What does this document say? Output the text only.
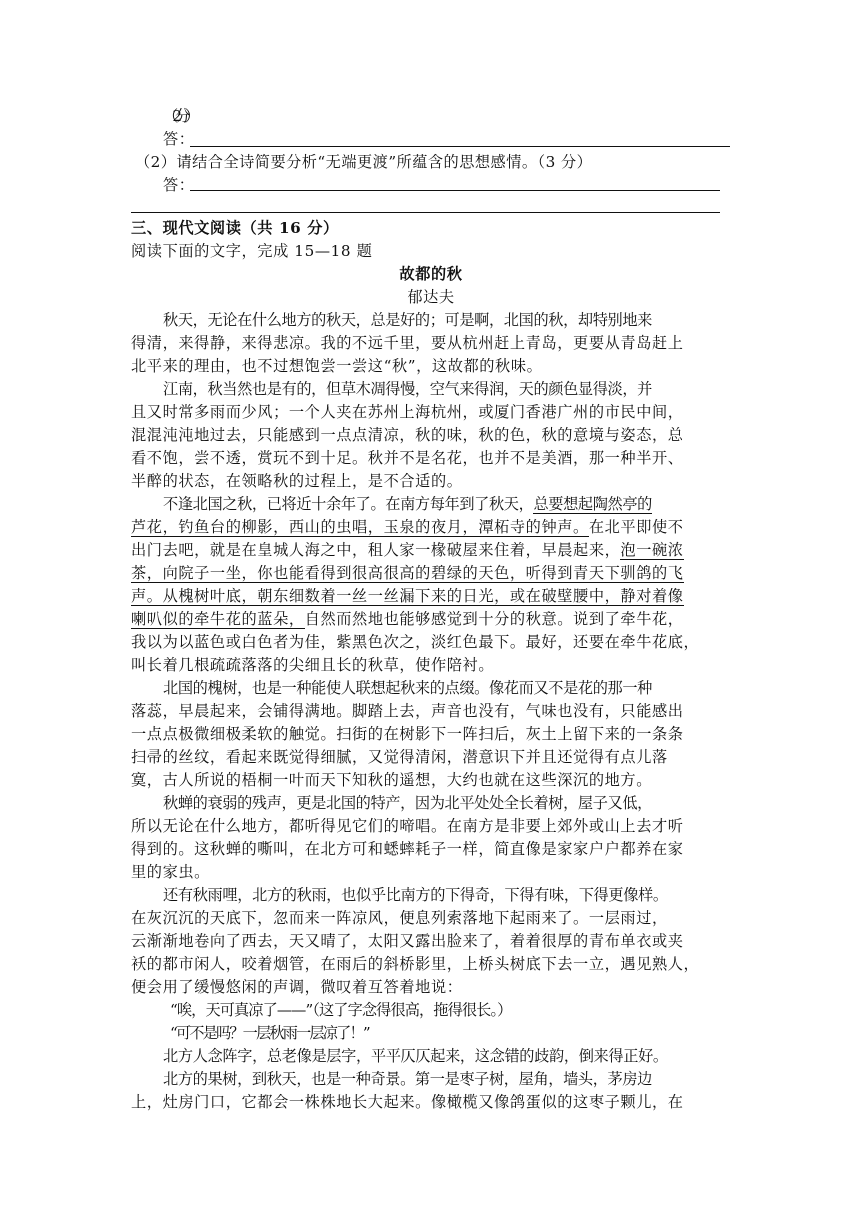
（2 分）
答：
（2）请结合全诗简要分析“无端更渡”所蕴含的思想感情。（3 分）
答：
三、现代文阅读（共 16 分）
阅读下面的文字，完成 15—18 题
故都的秋
郁达夫
秋天，无论在什么地方的秋天，总是好的；可是啊，北国的秋，却特别地来
得清，来得静，来得悲凉。我的不远千里，要从杭州赶上青岛，更要从青岛赶上
北平来的理由，也不过想饱尝一尝这“秋”，这故都的秋味。
江南，秋当然也是有的，但草木凋得慢，空气来得润，天的颜色显得淡，并
且又时常多雨而少风；一个人夹在苏州上海杭州，或厦门香港广州的市民中间，
混混沌沌地过去，只能感到一点点清凉，秋的味，秋的色，秋的意境与姿态，总
看不饱，尝不透，赏玩不到十足。秋并不是名花，也并不是美酒，那一种半开、
半醉的状态，在领略秋的过程上，是不合适的。
不逢北国之秋，已将近十余年了。在南方每年到了秋天，总要想起陶然亭的
芦花，钓鱼台的柳影，西山的虫唱，玉泉的夜月，潭柘寺的钟声。在北平即使不
出门去吧，就是在皇城人海之中，租人家一椽破屋来住着，早晨起来，泡一碗浓
茶，向院子一坐，你也能看得到很高很高的碧绿的天色，听得到青天下驯鸽的飞
声。从槐树叶底，朝东细数着一丝一丝漏下来的日光，或在破壁腰中，静对着像
喇叭似的牵牛花的蓝朵，自然而然地也能够感觉到十分的秋意。说到了牵牛花，
我以为以蓝色或白色者为佳，紫黑色次之，淡红色最下。最好，还要在牵牛花底，
叫长着几根疏疏落落的尖细且长的秋草，使作陪衬。
北国的槐树，也是一种能使人联想起秋来的点缀。像花而又不是花的那一种
落蕊，早晨起来，会铺得满地。脚踏上去，声音也没有，气味也没有，只能感出
一点点极微细极柔软的触觉。扫街的在树影下一阵扫后，灰土上留下来的一条条
扫帚的丝纹，看起来既觉得细腻，又觉得清闲，潜意识下并且还觉得有点儿落
寞，古人所说的梧桐一叶而天下知秋的遥想，大约也就在这些深沉的地方。
秋蝉的衰弱的残声，更是北国的特产，因为北平处处全长着树，屋子又低，
所以无论在什么地方，都听得见它们的啼唱。在南方是非要上郊外或山上去才听
得到的。这秋蝉的嘶叫，在北方可和蟋蟀耗子一样，简直像是家家户户都养在家
里的家虫。
还有秋雨哩，北方的秋雨，也似乎比南方的下得奇，下得有味，下得更像样。
在灰沉沉的天底下，忽而来一阵凉风，便息列索落地下起雨来了。一层雨过，
云渐渐地卷向了西去，天又晴了，太阳又露出脸来了，着着很厚的青布单衣或夹
袄的都市闲人，咬着烟管，在雨后的斜桥影里，上桥头树底下去一立，遇见熟人，
便会用了缓慢悠闲的声调，微叹着互答着地说：
“唉，天可真凉了——”（这了字念得很高，拖得很长。）
“可不是吗？一层秋雨一层凉了！”
北方人念阵字，总老像是层字，平平仄仄起来，这念错的歧韵，倒来得正好。
北方的果树，到秋天，也是一种奇景。第一是枣子树，屋角，墙头，茅房边
上，灶房门口，它都会一株株地长大起来。像橄榄又像鸽蛋似的这枣子颗儿，在
